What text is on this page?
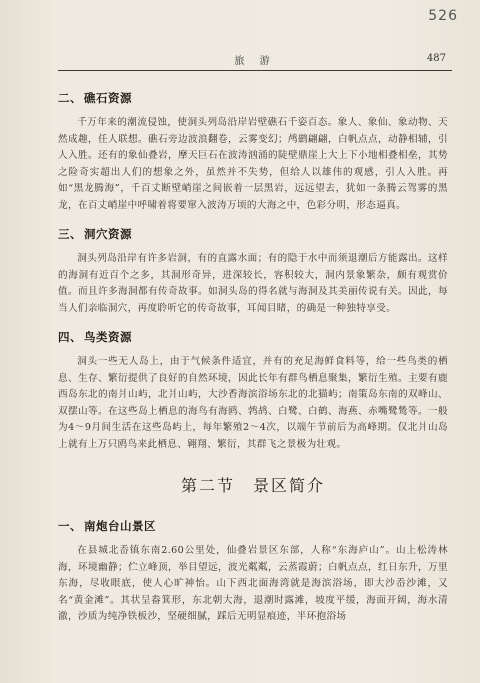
526
旅 游	487
二、 礁石资源

千万年来的潮流侵蚀，使洞头列岛沿岸岩壁礁石千姿百态。象人、象仙、象动物、天然成趣，任人联想。礁石旁边波浪翻卷，云雾变幻；鸬鹚翩翩，白帆点点，动静相辅，引人入胜。还有的象仙叠岩，摩天巨石在波涛汹涌的陡壁鼎崖上大上下小地相叠相垒，其势之险奇实超出人们的想象之外，虽然并不失势，但给人以雄伟的观感，引人入胜。再如“黑龙腾海”，千百丈断壁峭崖之间嵌着一层黑岩，远远望去，犹如一条腾云驾雾的黑龙，在百丈峭崖中呼啸着将要窜入波涛万顷的大海之中，色彩分明，形态逼真。

三、 洞穴资源

洞头列岛沿岸有许多岩洞，有的直露水面；有的隐于水中而须退潮后方能露出。这样的海洞有近百个之多，其洞形奇异，进深较长，容积较大，洞内景象繁杂，颇有观赏价值。而且许多海洞都有传奇故事。如洞头岛的得名就与海洞及其美丽传说有关。因此，每当人们亲临洞穴，再度聆听它的传奇故事，耳闻目睹，的确是一种独特享受。

四、 鸟类资源

洞头一些无人岛上，由于气候条件适宜，并有的充足海鲜食料等，给一些鸟类的栖息、生存、繁衍提供了良好的自然环境，因此长年有群鸟栖息聚集，繁衍生殖。主要有鹿西岛东北的南爿山屿，北爿山屿，大沙香海滨浴场东北的北猫屿；南策岛东南的双峰山、双摆山等。在这些岛上栖息的海鸟有海鸥、鹁鸪、白鹭、白鹤、海燕、赤嘴鹭鸶等。一般为4～9月间生活在这些岛屿上，每年繁殖2～4次，以端午节前后为高峰期。仅北爿山岛上就有上万只鸥鸟来此栖息、翱翔、繁衍，其群飞之景极为壮观。

第二节 景区简介
一、 南炮台山景区

在县城北岙镇东南2.60公里处，仙叠岩景区东部，人称“东海庐山”。山上松涛林海，环境幽静；伫立峰顶，举目望远，波光粼粼，云蒸霞蔚；白帆点点，红日东升，万里东海，尽收眼底，使人心旷神怡。山下西北面海湾就是海滨浴场，即大沙岙沙滩，又名“黄金滩”。其状呈畚箕形，东北朝大海，退潮时露滩，坡度平缓，海面开阔，海水清澈，沙质为纯净铁板沙，坚硬细腻，踩后无明显痕迹，半环抱浴场
